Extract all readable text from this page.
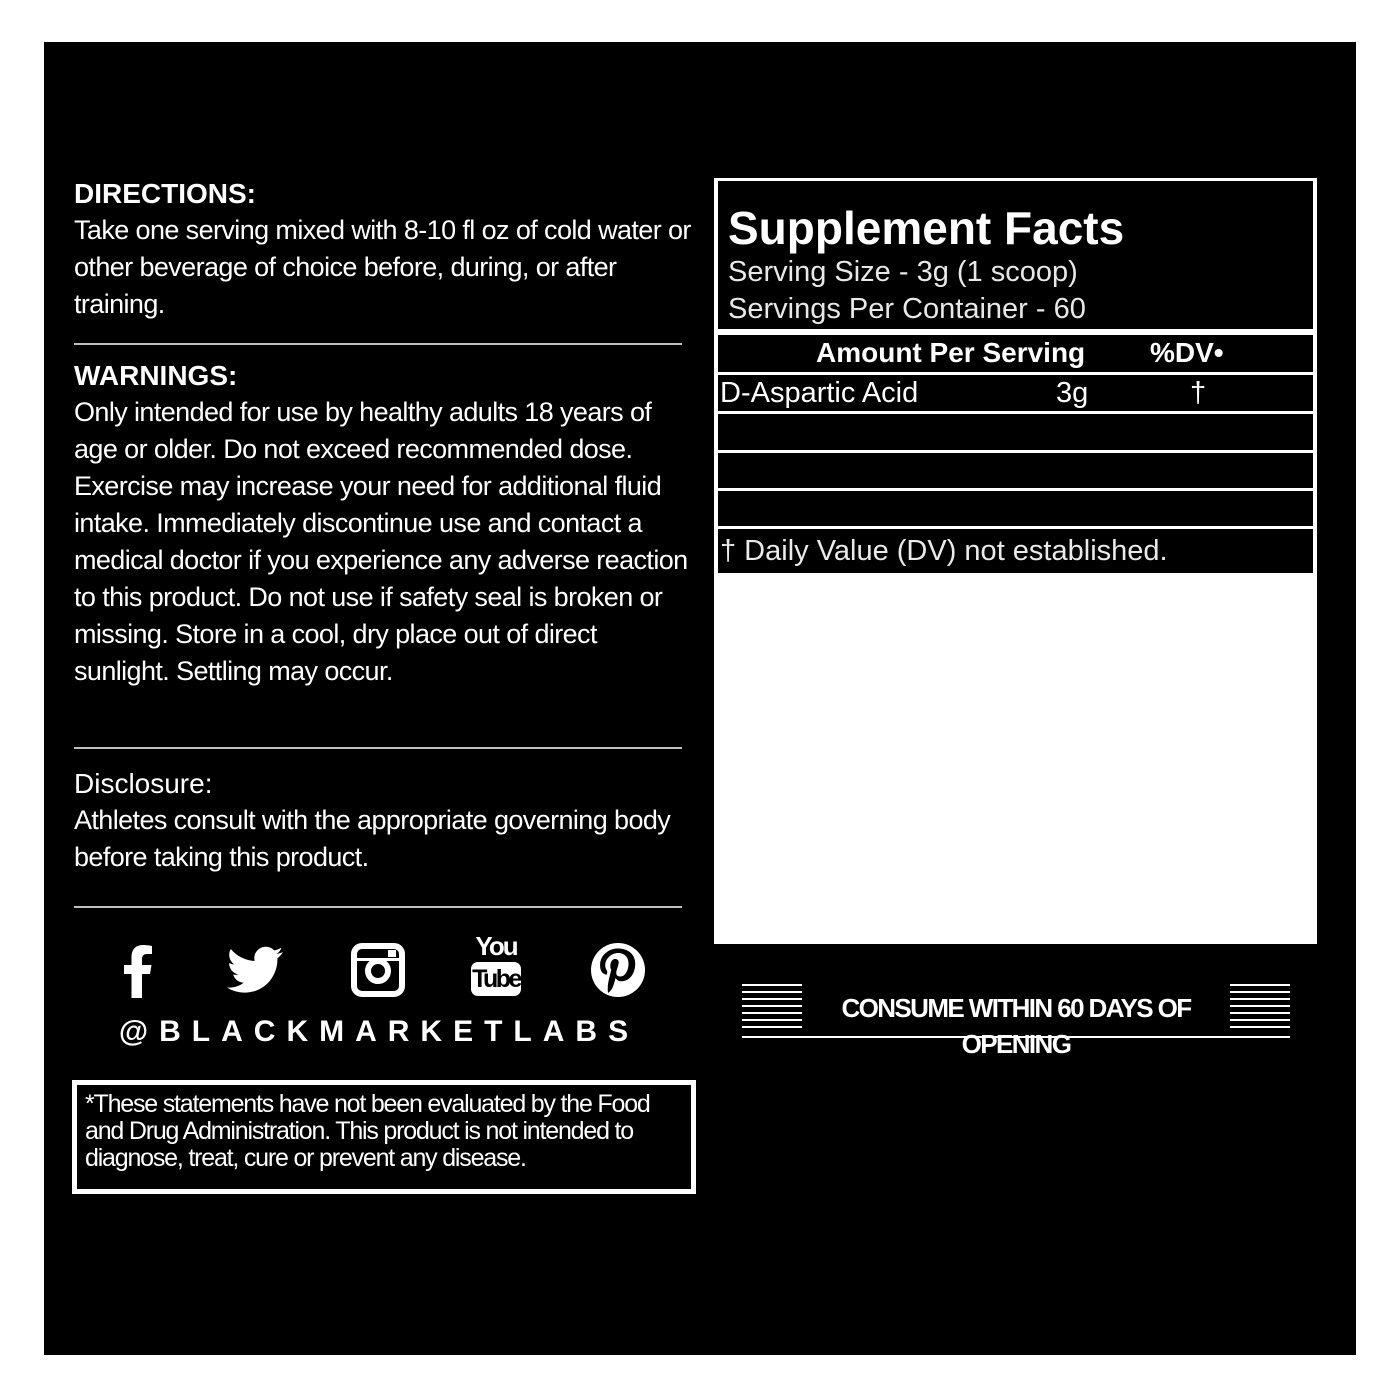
DIRECTIONS:

Take one serving mixed with 8-10 fl oz of cold water or other beverage of choice before, during, or after training.

WARNINGS:

Only intended for use by healthy adults 18 years of age or older. Do not exceed recommended dose. Exercise may increase your need for additional fluid intake. Immediately discontinue use and contact a medical doctor if you experience any adverse reaction to this product. Do not use if safety seal is broken or missing. Store in a cool, dry place out of direct sunlight. Settling may occur.

Disclosure:

Athletes consult with the appropriate governing body before taking this product.

You
Tube
@BLACKMARKETLABS

*These statements have not been evaluated by the Food and Drug Administration. This product is not intended to diagnose, treat, cure or prevent any disease.

Supplement Facts
Serving Size - 3g (1 scoop)
Servings Per Container - 60
Amount Per Serving %DV•
D-Aspartic Acid	3g	†
† Daily Value (DV) not established.
CONSUME WITHIN 60 DAYS OF OPENING
